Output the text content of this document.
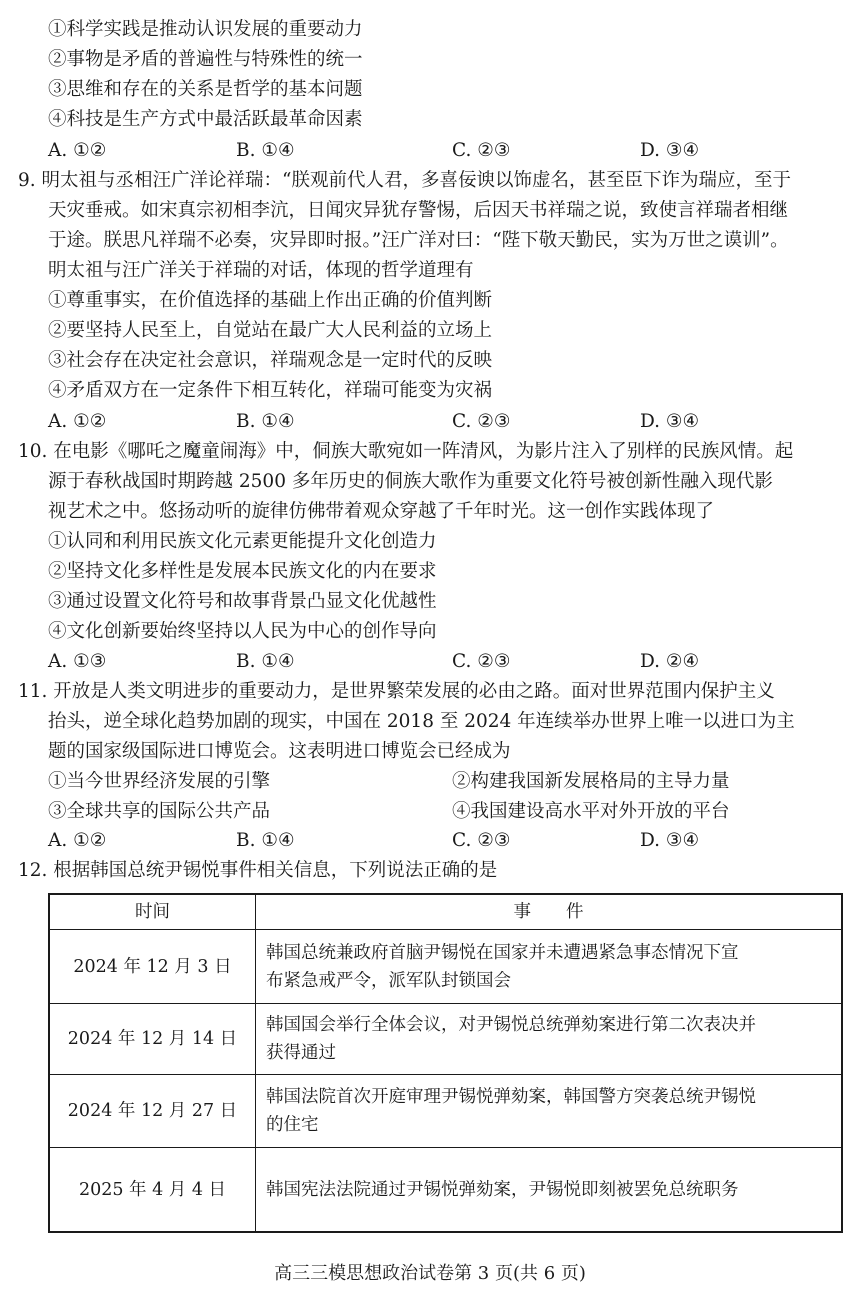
①科学实践是推动认识发展的重要动力
②事物是矛盾的普遍性与特殊性的统一
③思维和存在的关系是哲学的基本问题
④科技是生产方式中最活跃最革命因素
A. ①②	B. ①④	C. ②③	D. ③④
9. 明太祖与丞相汪广洋论祥瑞：“朕观前代人君，多喜佞谀以饰虚名，甚至臣下诈为瑞应，至于
天灾垂戒。如宋真宗初相李沆，日闻灾异犹存警惕，后因天书祥瑞之说，致使言祥瑞者相继
于途。朕思凡祥瑞不必奏，灾异即时报。”汪广洋对曰：“陛下敬天勤民，实为万世之谟训”。
明太祖与汪广洋关于祥瑞的对话，体现的哲学道理有
①尊重事实，在价值选择的基础上作出正确的价值判断
②要坚持人民至上，自觉站在最广大人民利益的立场上
③社会存在决定社会意识，祥瑞观念是一定时代的反映
④矛盾双方在一定条件下相互转化，祥瑞可能变为灾祸
A. ①②	B. ①④	C. ②③	D. ③④
10. 在电影《哪吒之魔童闹海》中，侗族大歌宛如一阵清风，为影片注入了别样的民族风情。起
源于春秋战国时期跨越 2500 多年历史的侗族大歌作为重要文化符号被创新性融入现代影
视艺术之中。悠扬动听的旋律仿佛带着观众穿越了千年时光。这一创作实践体现了
①认同和利用民族文化元素更能提升文化创造力
②坚持文化多样性是发展本民族文化的内在要求
③通过设置文化符号和故事背景凸显文化优越性
④文化创新要始终坚持以人民为中心的创作导向
A. ①③	B. ①④	C. ②③	D. ②④
11. 开放是人类文明进步的重要动力，是世界繁荣发展的必由之路。面对世界范围内保护主义
抬头，逆全球化趋势加剧的现实，中国在 2018 至 2024 年连续举办世界上唯一以进口为主
题的国家级国际进口博览会。这表明进口博览会已经成为
①当今世界经济发展的引擎	②构建我国新发展格局的主导力量
③全球共享的国际公共产品	④我国建设高水平对外开放的平台
A. ①②	B. ①④	C. ②③	D. ③④
12. 根据韩国总统尹锡悦事件相关信息，下列说法正确的是
时间	事　　件
2024 年 12 月 3 日	韩国总统兼政府首脑尹锡悦在国家并未遭遇紧急事态情况下宣
布紧急戒严令，派军队封锁国会

2024 年 12 月 14 日	韩国国会举行全体会议，对尹锡悦总统弹劾案进行第二次表决并
获得通过

2024 年 12 月 27 日	韩国法院首次开庭审理尹锡悦弹劾案，韩国警方突袭总统尹锡悦
的住宅

2025 年 4 月 4 日	韩国宪法法院通过尹锡悦弹劾案，尹锡悦即刻被罢免总统职务
高三三模思想政治试卷第 3 页(共 6 页)
